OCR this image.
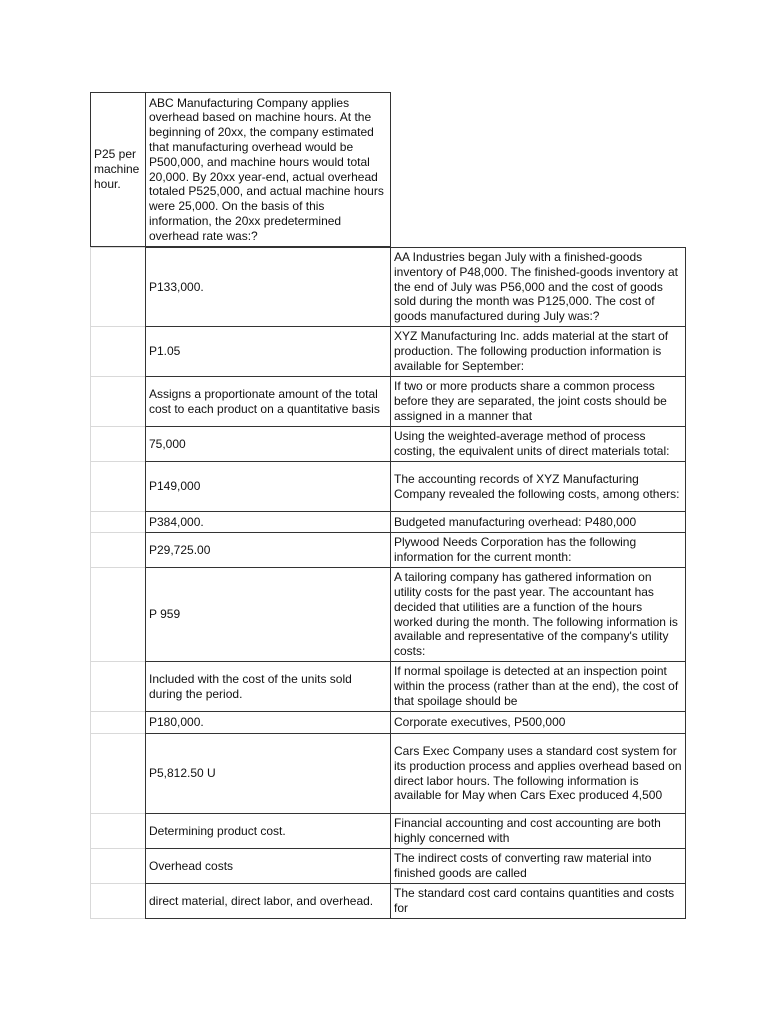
P25 per machine hour.
ABC Manufacturing Company applies overhead based on machine hours. At the beginning of 20xx, the company estimated that manufacturing overhead would be P500,000, and machine hours would total 20,000. By 20xx year-end, actual overhead totaled P525,000, and actual machine hours were 25,000. On the basis of this information, the 20xx predetermined overhead rate was:?
P133,000.
AA Industries began July with a finished-goods inventory of P48,000. The finished-goods inventory at the end of July was P56,000 and the cost of goods sold during the month was P125,000. The cost of goods manufactured during July was:?
P1.05
XYZ Manufacturing Inc. adds material at the start of production. The following production information is available for September:
Assigns a proportionate amount of the total cost to each product on a quantitative basis
If two or more products share a common process before they are separated, the joint costs should be assigned in a manner that
75,000
Using the weighted-average method of process costing, the equivalent units of direct materials total:
P149,000
The accounting records of XYZ Manufacturing Company revealed the following costs, among others:
P384,000.	Budgeted manufacturing overhead: P480,000
P29,725.00
Plywood Needs Corporation has the following information for the current month:
P 959
A tailoring company has gathered information on utility costs for the past year. The accountant has decided that utilities are a function of the hours worked during the month. The following information is available and representative of the company's utility costs:
Included with the cost of the units sold during the period.
If normal spoilage is detected at an inspection point within the process (rather than at the end), the cost of that spoilage should be
P180,000.	Corporate executives, P500,000
P5,812.50 U
Cars Exec Company uses a standard cost system for its production process and applies overhead based on direct labor hours. The following information is available for May when Cars Exec produced 4,500
Determining product cost.
Financial accounting and cost accounting are both highly concerned with
Overhead costs
The indirect costs of converting raw material into finished goods are called
direct material, direct labor, and overhead.
The standard cost card contains quantities and costs for
